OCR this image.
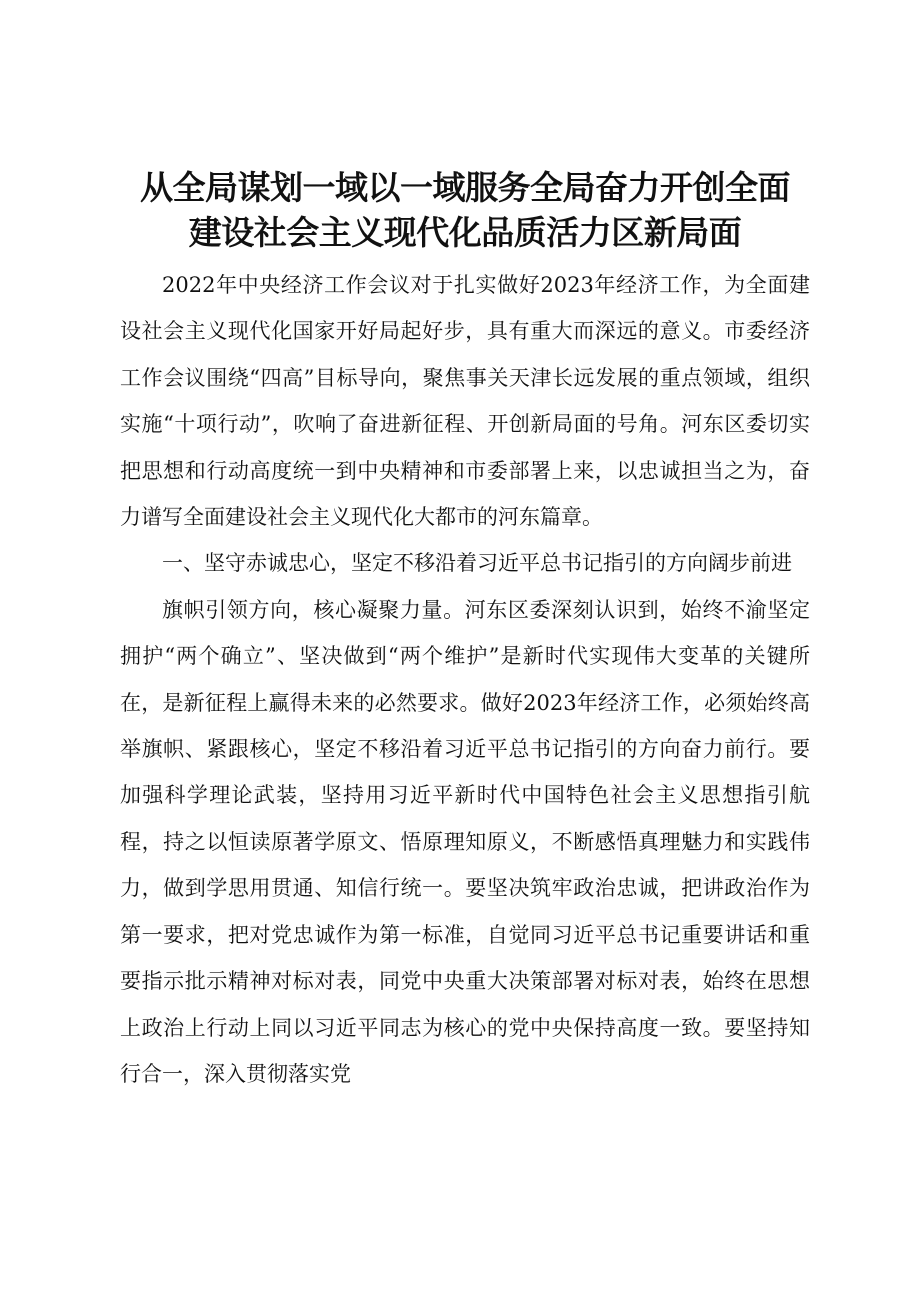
从全局谋划一域以一域服务全局奋力开创全面
建设社会主义现代化品质活力区新局面

2022年中央经济工作会议对于扎实做好2023年经济工作，为全面建设社会主义现代化国家开好局起好步，具有重大而深远的意义。市委经济工作会议围绕“四高”目标导向，聚焦事关天津长远发展的重点领域，组织实施“十项行动”，吹响了奋进新征程、开创新局面的号角。河东区委切实把思想和行动高度统一到中央精神和市委部署上来，以忠诚担当之为，奋力谱写全面建设社会主义现代化大都市的河东篇章。

一、坚守赤诚忠心，坚定不移沿着习近平总书记指引的方向阔步前进

旗帜引领方向，核心凝聚力量。河东区委深刻认识到，始终不渝坚定拥护“两个确立”、坚决做到“两个维护”是新时代实现伟大变革的关键所在，是新征程上赢得未来的必然要求。做好2023年经济工作，必须始终高举旗帜、紧跟核心，坚定不移沿着习近平总书记指引的方向奋力前行。要加强科学理论武装，坚持用习近平新时代中国特色社会主义思想指引航程，持之以恒读原著学原文、悟原理知原义，不断感悟真理魅力和实践伟力，做到学思用贯通、知信行统一。要坚决筑牢政治忠诚，把讲政治作为第一要求，把对党忠诚作为第一标准，自觉同习近平总书记重要讲话和重要指示批示精神对标对表，同党中央重大决策部署对标对表，始终在思想上政治上行动上同以习近平同志为核心的党中央保持高度一致。要坚持知行合一，深入贯彻落实党
